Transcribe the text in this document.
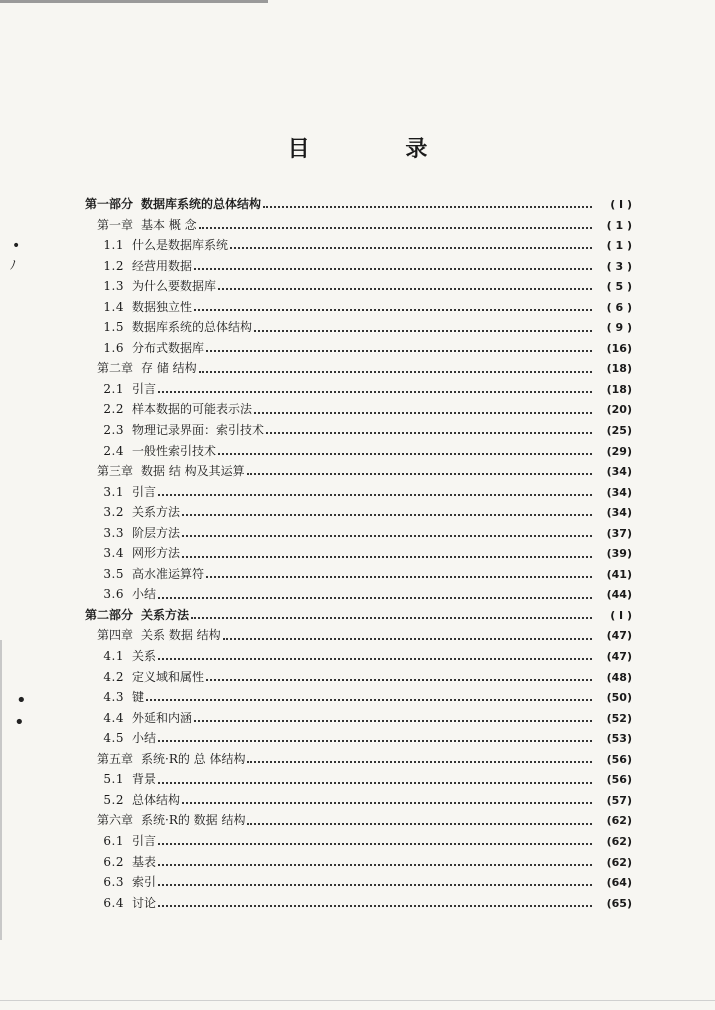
•
ﾉ
•
•
目 录
第一部分 数据库系统的总体结构	( I )
第一章 基本 概 念	( 1 )
1.1 什么是数据库系统	( 1 )
1.2 经营用数据	( 3 )
1.3 为什么要数据库	( 5 )
1.4 数据独立性	( 6 )
1.5 数据库系统的总体结构	( 9 )
1.6 分布式数据库	(16)
第二章 存 储 结构	(18)
2.1 引言	(18)
2.2 样本数据的可能表示法	(20)
2.3 物理记录界面：索引技术	(25)
2.4 一般性索引技术	(29)
第三章 数据 结 构及其运算	(34)
3.1 引言	(34)
3.2 关系方法	(34)
3.3 阶层方法	(37)
3.4 网形方法	(39)
3.5 高水准运算符	(41)
3.6 小结	(44)
第二部分 关系方法	( I )
第四章 关系 数据 结构	(47)
4.1 关系	(47)
4.2 定义域和属性	(48)
4.3 键	(50)
4.4 外延和内涵	(52)
4.5 小结	(53)
第五章 系统·R的 总 体结构	(56)
5.1 背景	(56)
5.2 总体结构	(57)
第六章 系统·R的 数据 结构	(62)
6.1 引言	(62)
6.2 基表	(62)
6.3 索引	(64)
6.4 讨论	(65)
